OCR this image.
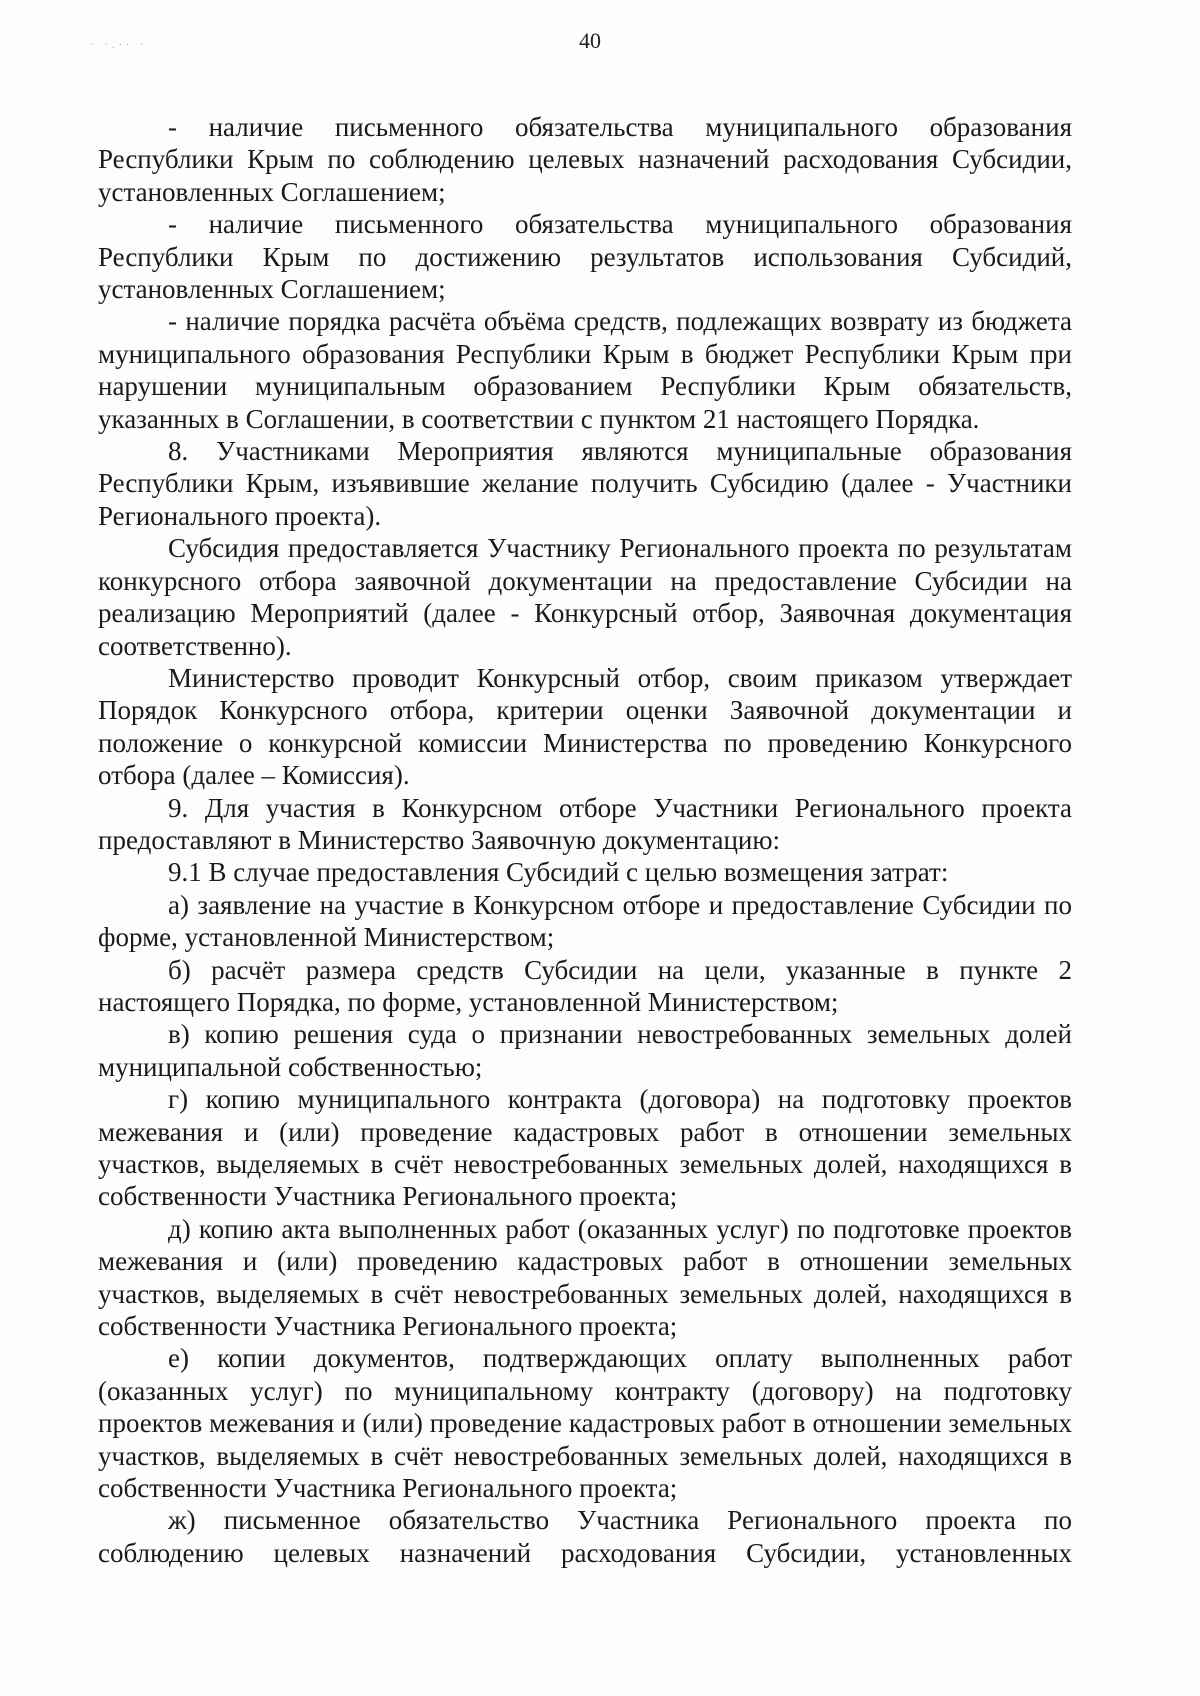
· ·.·· ·	40

- наличие письменного обязательства муниципального образования Республики Крым по соблюдению целевых назначений расходования Субсидии, установленных Соглашением;

- наличие письменного обязательства муниципального образования Республики Крым по достижению результатов использования Субсидий, установленных Соглашением;

- наличие порядка расчёта объёма средств, подлежащих возврату из бюджета муниципального образования Республики Крым в бюджет Республики Крым при нарушении муниципальным образованием Республики Крым обязательств, указанных в Соглашении, в соответствии с пунктом 21 настоящего Порядка.

8. Участниками Мероприятия являются муниципальные образования Республики Крым, изъявившие желание получить Субсидию (далее - Участники Регионального проекта).

Субсидия предоставляется Участнику Регионального проекта по результатам конкурсного отбора заявочной документации на предоставление Субсидии на реализацию Мероприятий (далее - Конкурсный отбор, Заявочная документация соответственно).

Министерство проводит Конкурсный отбор, своим приказом утверждает Порядок Конкурсного отбора, критерии оценки Заявочной документации и положение о конкурсной комиссии Министерства по проведению Конкурсного отбора (далее – Комиссия).

9. Для участия в Конкурсном отборе Участники Регионального проекта предоставляют в Министерство Заявочную документацию:

9.1 В случае предоставления Субсидий с целью возмещения затрат:

а) заявление на участие в Конкурсном отборе и предоставление Субсидии по форме, установленной Министерством;

б) расчёт размера средств Субсидии на цели, указанные в пункте 2 настоящего Порядка, по форме, установленной Министерством;

в) копию решения суда о признании невостребованных земельных долей муниципальной собственностью;

г) копию муниципального контракта (договора) на подготовку проектов межевания и (или) проведение кадастровых работ в отношении земельных участков, выделяемых в счёт невостребованных земельных долей, находящихся в собственности Участника Регионального проекта;

д) копию акта выполненных работ (оказанных услуг) по подготовке проектов межевания и (или) проведению кадастровых работ в отношении земельных участков, выделяемых в счёт невостребованных земельных долей, находящихся в собственности Участника Регионального проекта;

е) копии документов, подтверждающих оплату выполненных работ (оказанных услуг) по муниципальному контракту (договору) на подготовку проектов межевания и (или) проведение кадастровых работ в отношении земельных участков, выделяемых в счёт невостребованных земельных долей, находящихся в собственности Участника Регионального проекта;

ж) письменное обязательство Участника Регионального проекта по соблюдению целевых назначений расходования Субсидии, установленных
